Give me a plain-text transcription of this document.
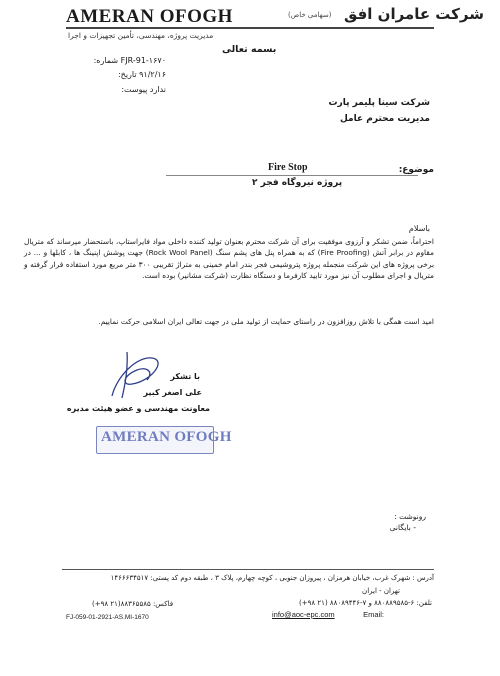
AMERAN OFOGH	شرکت عامران افق
(سهامی خاص)
مدیریت پروژه، مهندسی، تأمین تجهیزات و اجرا
بسمه تعالی
شماره: FJR-91-۱۶۷۰
تاریخ: ۹۱/۲/۱۶
پیوست: ندارد
شرکت سینا پلیمر پارت
مدیریت محترم عامل
موضوع:
Fire Stop
پروژه نیروگاه فجر ۲
باسلام
احتراماً، ضمن تشکر و آرزوی موفقیت برای آن شرکت محترم بعنوان تولید کننده داخلی مواد فایراستاپ، باستحضار میرساند که متریال مقاوم در برابر آتش (Fire Proofing) که به همراه پنل های پشم سنگ (Rock Wool Panel) جهت پوشش اپنینگ ها ، کابلها و ... در برخی پروژه های این شرکت منجمله پروژه پتروشیمی فجر بندر امام خمینی به متراژ تقریبی ۳۰۰ متر مربع مورد استفاده قرار گرفته و متریال و اجرای مطلوب آن نیز مورد تایید کارفرما و دستگاه نظارت (شرکت مشانیر) بوده است.
امید است همگی با تلاش روزافزون در راستای حمایت از تولید ملی در جهت تعالی ایران اسلامی حرکت نماییم.
با تشکر
علی اصغر کبیر
معاونت مهندسی و عضو هیئت مدیره
AMERAN OFOGH
رونوشت :
- بایگانی
آدرس : شهرک غرب، خیابان هرمزان ، پیروزان جنوبی ، کوچه چهارم، پلاک ۳ ، طبقه دوم کد پستی: ۱۴۶۶۶۳۴۵۱۷
تهران - ایران
تلفن: ۶-۸۸۰۸۸۹۵۸۵ و ۷-۸۸۰۸۹۴۴۶ (۲۱ ۹۸+)
فاکس: ۸۸۳۶۵۵۸۵(۲۱ ۹۸+)
Email:
info@aoc-epc.com
FJ-059-01-2921-AS.MI-1670
